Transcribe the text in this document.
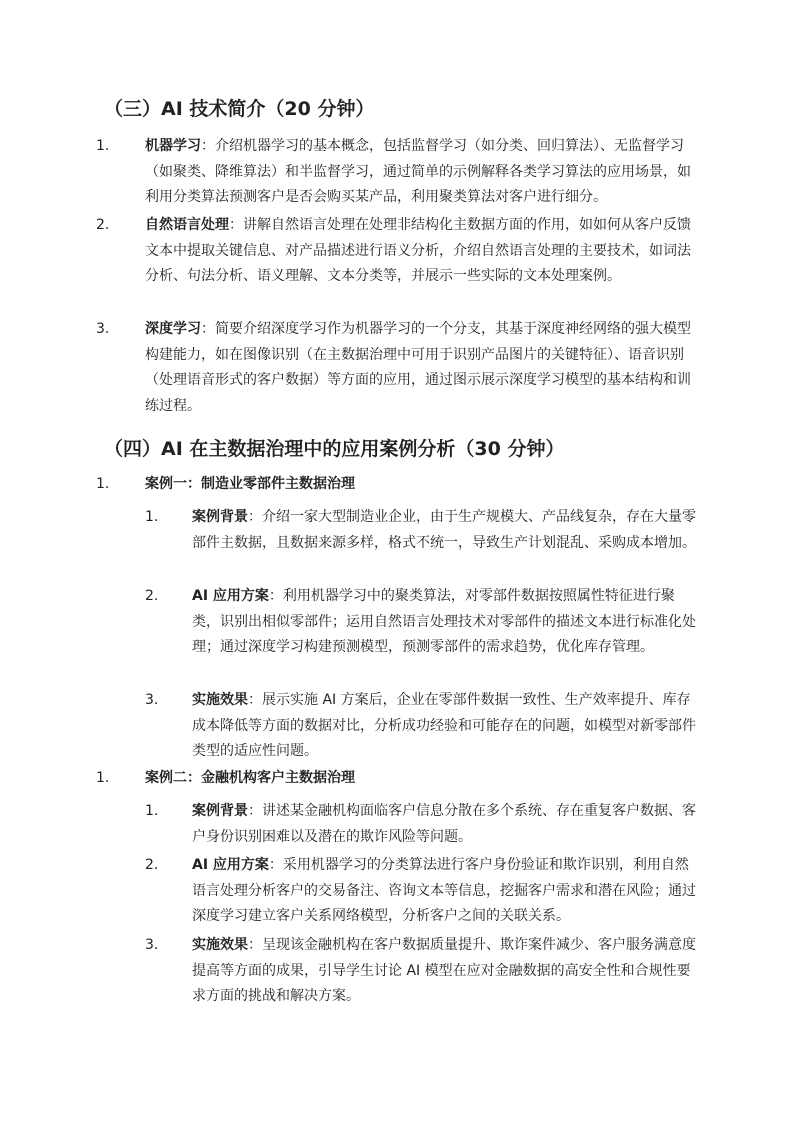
（三）AI 技术简介（20 分钟）
1.	机器学习：介绍机器学习的基本概念，包括监督学习（如分类、回归算法）、无监督学习（如聚类、降维算法）和半监督学习，通过简单的示例解释各类学习算法的应用场景，如利用分类算法预测客户是否会购买某产品，利用聚类算法对客户进行细分。
2.	自然语言处理：讲解自然语言处理在处理非结构化主数据方面的作用，如如何从客户反馈文本中提取关键信息、对产品描述进行语义分析，介绍自然语言处理的主要技术，如词法分析、句法分析、语义理解、文本分类等，并展示一些实际的文本处理案例。
3.	深度学习：简要介绍深度学习作为机器学习的一个分支，其基于深度神经网络的强大模型构建能力，如在图像识别（在主数据治理中可用于识别产品图片的关键特征）、语音识别（处理语音形式的客户数据）等方面的应用，通过图示展示深度学习模型的基本结构和训练过程。
（四）AI 在主数据治理中的应用案例分析（30 分钟）
1.	案例一：制造业零部件主数据治理
1. 案例背景：介绍一家大型制造业企业，由于生产规模大、产品线复杂，存在大量零部件主数据，且数据来源多样，格式不统一，导致生产计划混乱、采购成本增加。
2. AI 应用方案：利用机器学习中的聚类算法，对零部件数据按照属性特征进行聚类，识别出相似零部件；运用自然语言处理技术对零部件的描述文本进行标准化处理；通过深度学习构建预测模型，预测零部件的需求趋势，优化库存管理。
3. 实施效果：展示实施 AI 方案后，企业在零部件数据一致性、生产效率提升、库存成本降低等方面的数据对比，分析成功经验和可能存在的问题，如模型对新零部件类型的适应性问题。
1.	案例二：金融机构客户主数据治理
1. 案例背景：讲述某金融机构面临客户信息分散在多个系统、存在重复客户数据、客户身份识别困难以及潜在的欺诈风险等问题。
2. AI 应用方案：采用机器学习的分类算法进行客户身份验证和欺诈识别，利用自然语言处理分析客户的交易备注、咨询文本等信息，挖掘客户需求和潜在风险；通过深度学习建立客户关系网络模型，分析客户之间的关联关系。
3. 实施效果：呈现该金融机构在客户数据质量提升、欺诈案件减少、客户服务满意度提高等方面的成果，引导学生讨论 AI 模型在应对金融数据的高安全性和合规性要求方面的挑战和解决方案。
